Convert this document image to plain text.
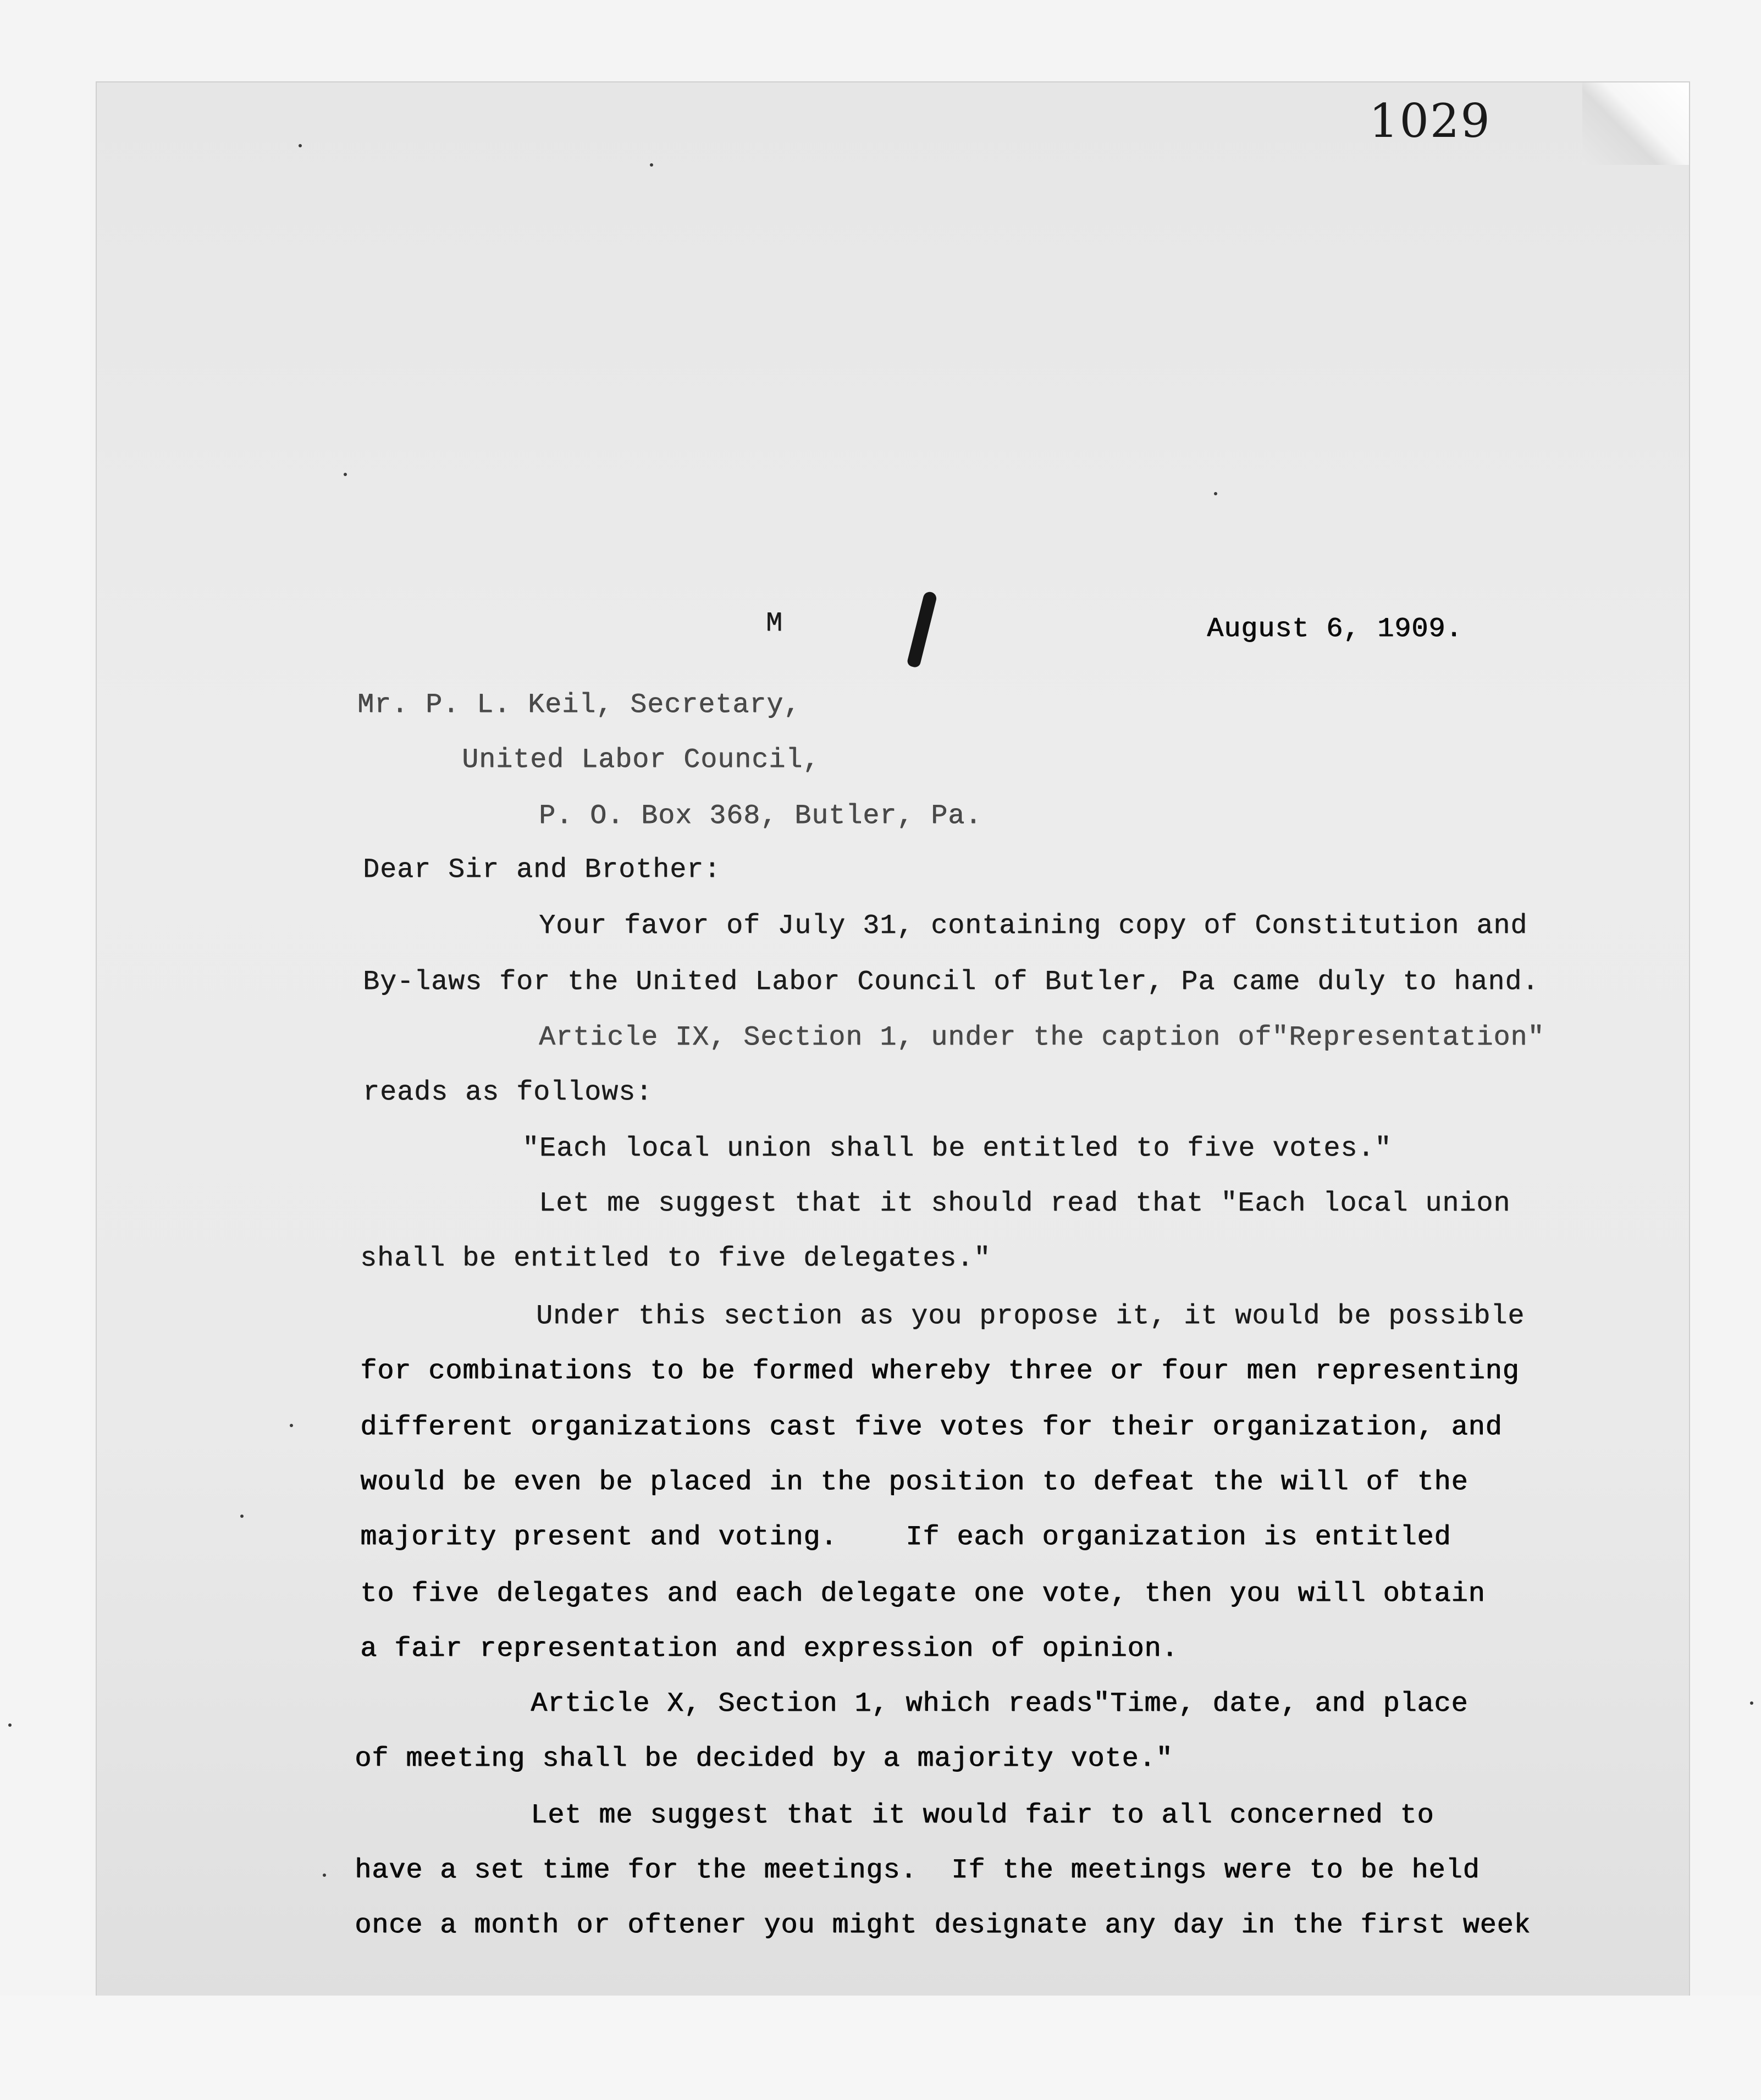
1029
M	August 6, 1909.
Mr. P. L. Keil, Secretary,
United Labor Council,
P. O. Box 368, Butler, Pa.
Dear Sir and Brother:
Your favor of July 31, containing copy of Constitution and
By-laws for the United Labor Council of Butler, Pa came duly to hand.
Article IX, Section 1, under the caption of"Representation"
reads as follows:
"Each local union shall be entitled to five votes."
Let me suggest that it should read that "Each local union
shall be entitled to five delegates."
Under this section as you propose it, it would be possible
for combinations to be formed whereby three or four men representing
different organizations cast five votes for their organization, and
would be even be placed in the position to defeat the will of the
majority present and voting.    If each organization is entitled
to five delegates and each delegate one vote, then you will obtain
a fair representation and expression of opinion.
Article X, Section 1, which reads"Time, date, and place
of meeting shall be decided by a majority vote."
Let me suggest that it would fair to all concerned to
have a set time for the meetings.  If the meetings were to be held
once a month or oftener you might designate any day in the first week
